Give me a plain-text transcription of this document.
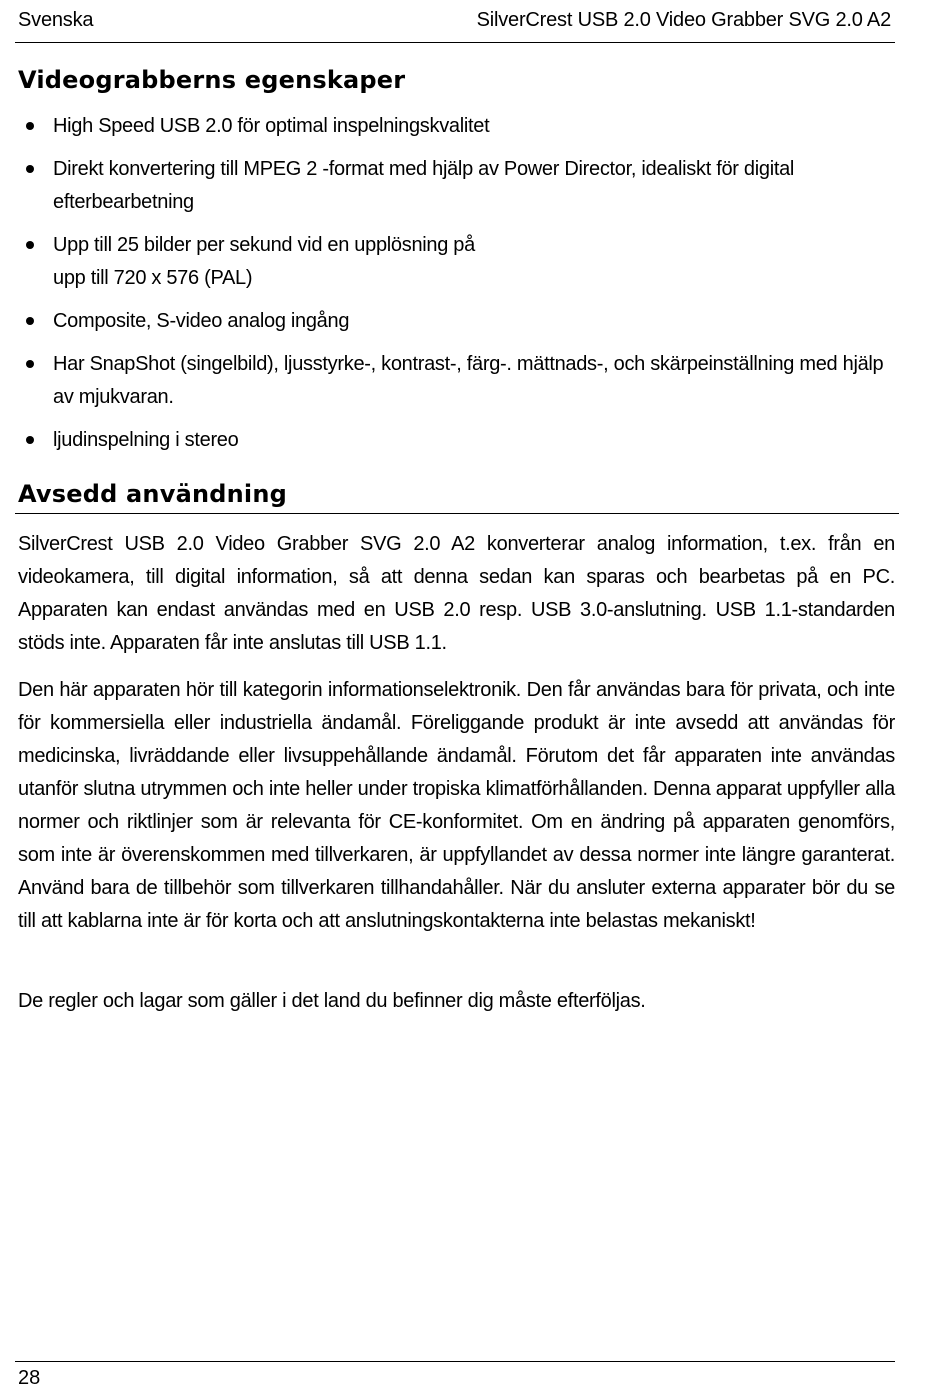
Svenska	SilverCrest USB 2.0 Video Grabber SVG 2.0 A2
Videograbberns egenskaper
High Speed USB 2.0 för optimal inspelningskvalitet
Direkt konvertering till MPEG 2 -format med hjälp av Power Director, idealiskt för digital efterbearbetning
Upp till 25 bilder per sekund vid en upplösning på
upp till 720 x 576 (PAL)
Composite, S-video analog ingång
Har SnapShot (singelbild), ljusstyrke-, kontrast-, färg-. mättnads-, och skärpeinställning med hjälp av mjukvaran.
ljudinspelning i stereo
Avsedd användning

SilverCrest USB 2.0 Video Grabber SVG 2.0 A2 konverterar analog information, t.ex. från en videokamera, till digital information, så att denna sedan kan sparas och bearbetas på en PC. Apparaten kan endast användas med en USB 2.0 resp. USB 3.0-anslutning. USB 1.1-standarden stöds inte. Apparaten får inte anslutas till USB 1.1.

Den här apparaten hör till kategorin informationselektronik. Den får användas bara för privata, och inte för kommersiella eller industriella ändamål. Föreliggande produkt är inte avsedd att användas för medicinska, livräddande eller livsuppehållande ändamål. Förutom det får apparaten inte användas utanför slutna utrymmen och inte heller under tropiska klimatförhållanden. Denna apparat uppfyller alla normer och riktlinjer som är relevanta för CE-konformitet. Om en ändring på apparaten genomförs, som inte är överenskommen med tillverkaren, är uppfyllandet av dessa normer inte längre garanterat. Använd bara de tillbehör som tillverkaren tillhandahåller. När du ansluter externa apparater bör du se till att kablarna inte är för korta och att anslutningskontakterna inte belastas mekaniskt!

De regler och lagar som gäller i det land du befinner dig måste efterföljas.

28
